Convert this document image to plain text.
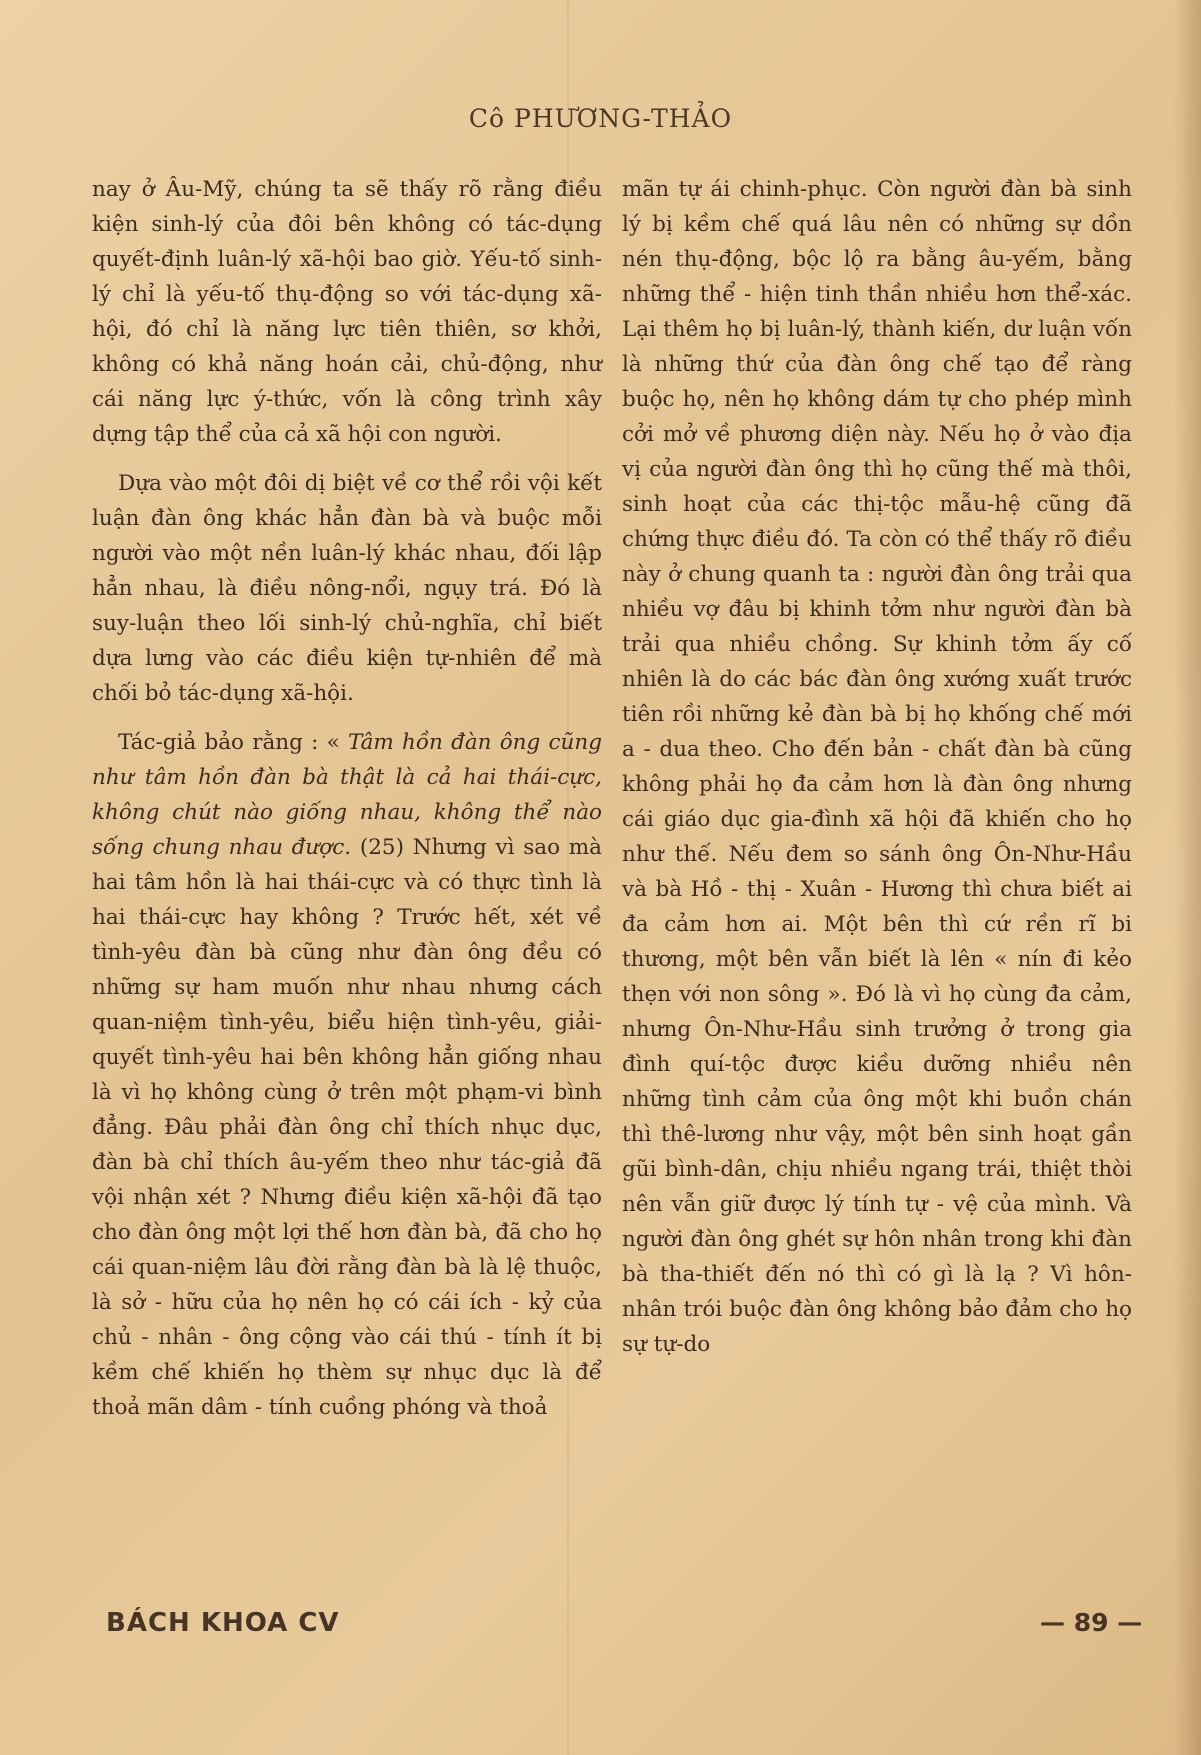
Cô PHƯƠNG-THẢO

nay ở Âu-Mỹ, chúng ta sẽ thấy rõ rằng điều kiện sinh-lý của đôi bên không có tác-dụng quyết-định luân-lý xã-hội bao giờ. Yếu-tố sinh-lý chỉ là yếu-tố thụ-động so với tác-dụng xã-hội, đó chỉ là năng lực tiên thiên, sơ khởi, không có khả năng hoán cải, chủ-động, như cái năng lực ý-thức, vốn là công trình xây dựng tập thể của cả xã hội con người.

Dựa vào một đôi dị biệt về cơ thể rồi vội kết luận đàn ông khác hẳn đàn bà và buộc mỗi người vào một nền luân-lý khác nhau, đối lập hẳn nhau, là điều nông-nổi, ngụy trá. Đó là suy-luận theo lối sinh-lý chủ-nghĩa, chỉ biết dựa lưng vào các điều kiện tự-nhiên để mà chối bỏ tác-dụng xã-hội.

Tác-giả bảo rằng : « Tâm hồn đàn ông cũng như tâm hồn đàn bà thật là cả hai thái-cực, không chút nào giống nhau, không thể nào sống chung nhau được. (25) Nhưng vì sao mà hai tâm hồn là hai thái-cực và có thực tình là hai thái-cực hay không ? Trước hết, xét về tình-yêu đàn bà cũng như đàn ông đều có những sự ham muốn như nhau nhưng cách quan-niệm tình-yêu, biểu hiện tình-yêu, giải-quyết tình-yêu hai bên không hẳn giống nhau là vì họ không cùng ở trên một phạm-vi bình đẳng. Đâu phải đàn ông chỉ thích nhục dục, đàn bà chỉ thích âu-yếm theo như tác-giả đã vội nhận xét ? Nhưng điều kiện xã-hội đã tạo cho đàn ông một lợi thế hơn đàn bà, đã cho họ cái quan-niệm lâu đời rằng đàn bà là lệ thuộc, là sở - hữu của họ nên họ có cái ích - kỷ của chủ - nhân - ông cộng vào cái thú - tính ít bị kềm chế khiến họ thèm sự nhục dục là để thoả mãn dâm - tính cuồng phóng và thoả

mãn tự ái chinh-phục. Còn người đàn bà sinh lý bị kềm chế quá lâu nên có những sự dồn nén thụ-động, bộc lộ ra bằng âu-yếm, bằng những thể - hiện tinh thần nhiều hơn thể-xác. Lại thêm họ bị luân-lý, thành kiến, dư luận vốn là những thứ của đàn ông chế tạo để ràng buộc họ, nên họ không dám tự cho phép mình cởi mở về phương diện này. Nếu họ ở vào địa vị của người đàn ông thì họ cũng thế mà thôi, sinh hoạt của các thị-tộc mẫu-hệ cũng đã chứng thực điều đó. Ta còn có thể thấy rõ điều này ở chung quanh ta : người đàn ông trải qua nhiều vợ đâu bị khinh tởm như người đàn bà trải qua nhiều chồng. Sự khinh tởm ấy cố nhiên là do các bác đàn ông xướng xuất trước tiên rồi những kẻ đàn bà bị họ khống chế mới a - dua theo. Cho đến bản - chất đàn bà cũng không phải họ đa cảm hơn là đàn ông nhưng cái giáo dục gia-đình xã hội đã khiến cho họ như thế. Nếu đem so sánh ông Ôn-Như-Hầu và bà Hồ - thị - Xuân - Hương thì chưa biết ai đa cảm hơn ai. Một bên thì cứ rền rĩ bi thương, một bên vẫn biết là lên « nín đi kẻo thẹn với non sông ». Đó là vì họ cùng đa cảm, nhưng Ôn-Như-Hầu sinh trưởng ở trong gia đình quí-tộc được kiều dưỡng nhiều nên những tình cảm của ông một khi buồn chán thì thê-lương như vậy, một bên sinh hoạt gần gũi bình-dân, chịu nhiều ngang trái, thiệt thòi nên vẫn giữ được lý tính tự - vệ của mình. Và người đàn ông ghét sự hôn nhân trong khi đàn bà tha-thiết đến nó thì có gì là lạ ? Vì hôn-nhân trói buộc đàn ông không bảo đảm cho họ sự tự-do

BÁCH KHOA CV	— 89 —
